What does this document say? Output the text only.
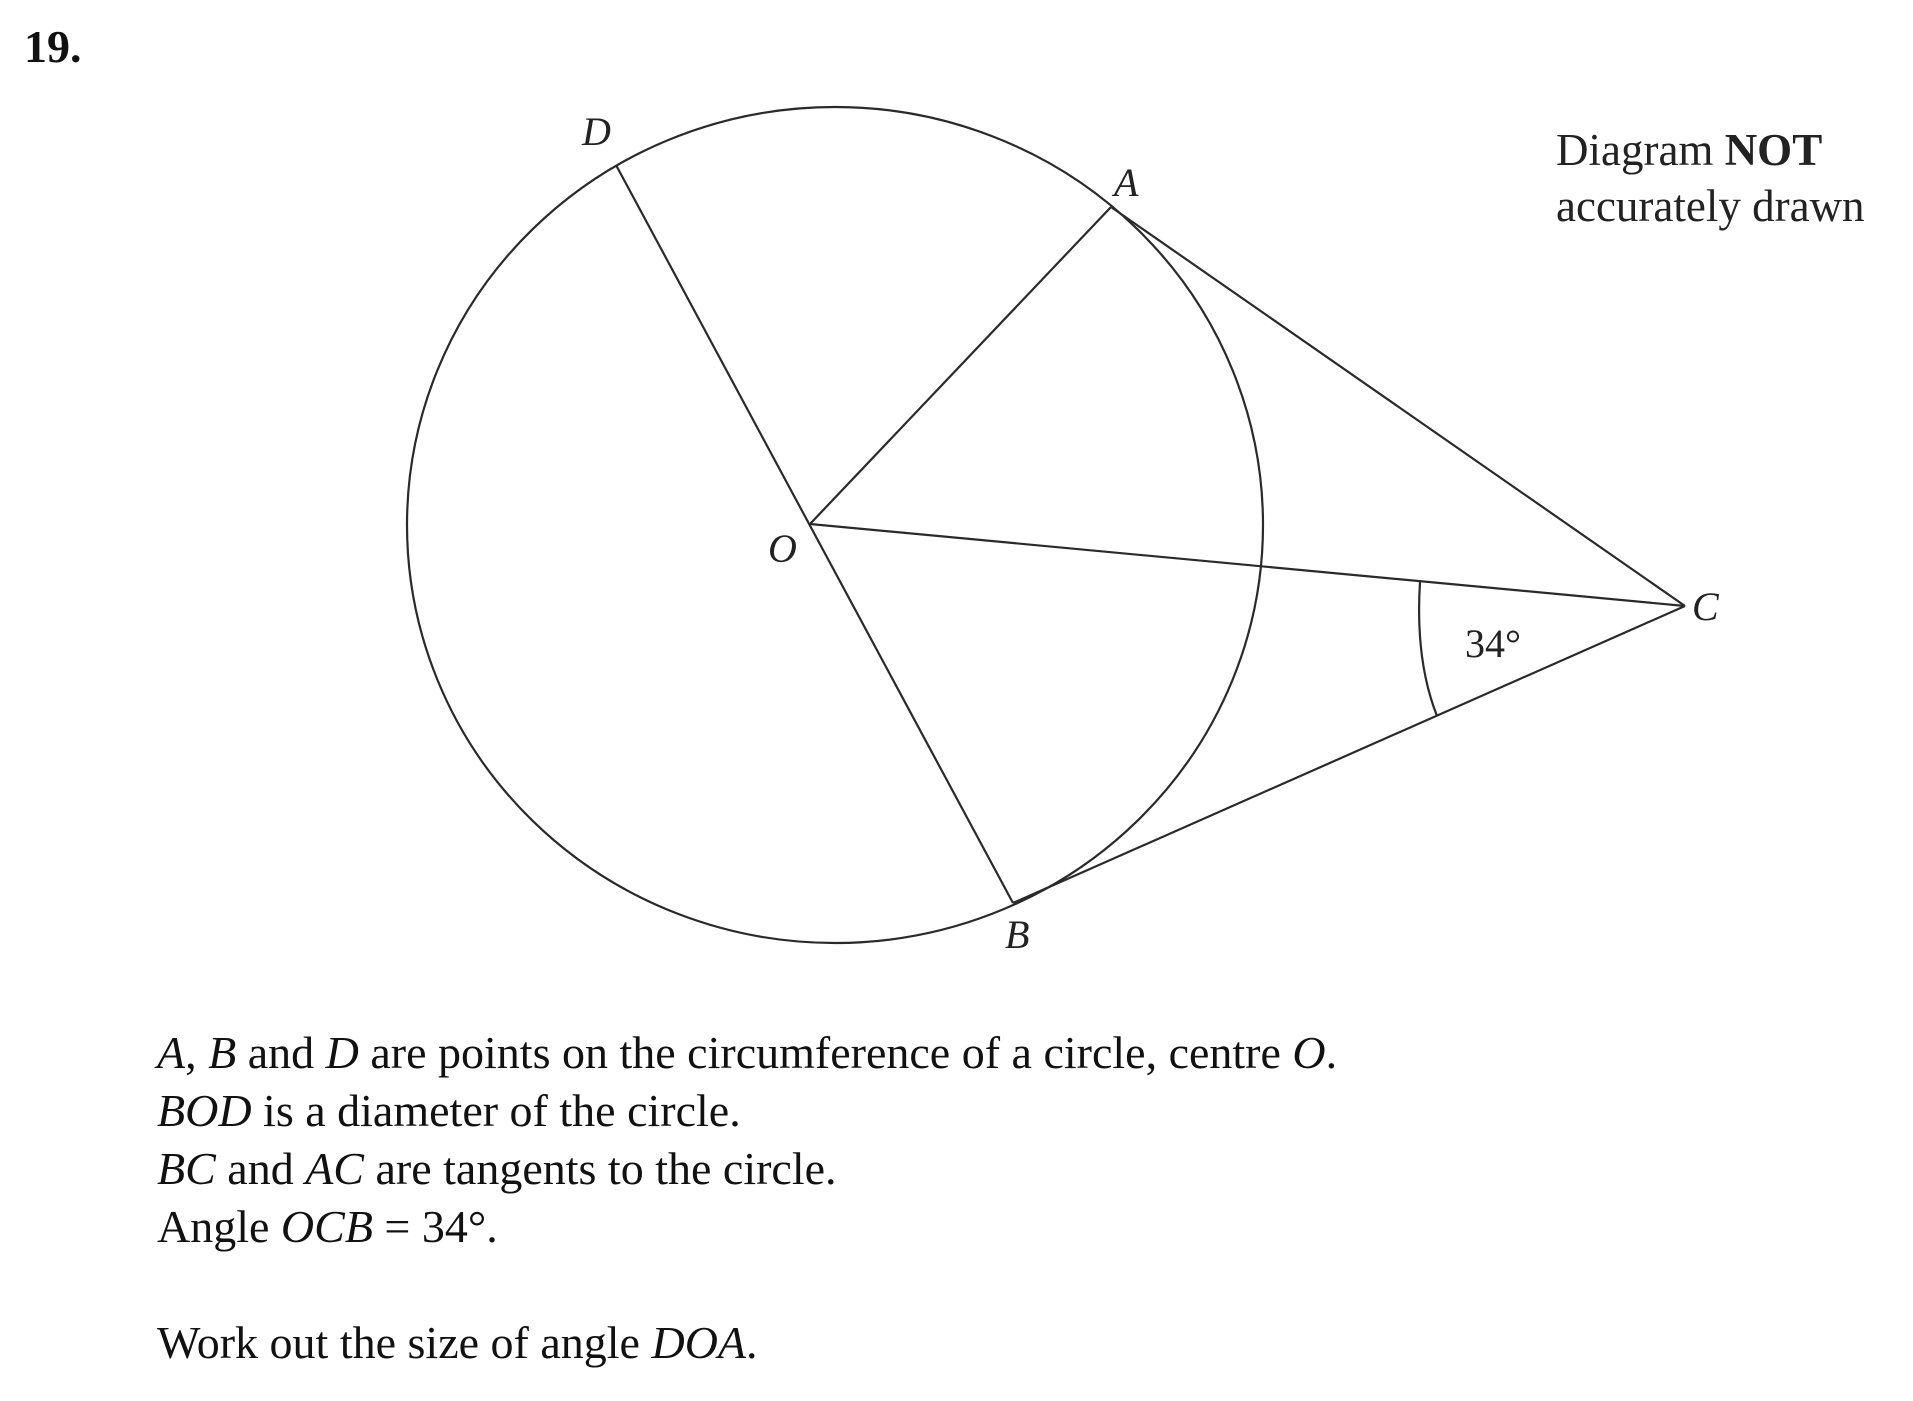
19.
D
A
O
C
B
34°
Diagram NOT
accurately drawn

A, B and D are points on the circumference of a circle, centre O.

BOD is a diameter of the circle.

BC and AC are tangents to the circle.

Angle OCB = 34°.

Work out the size of angle DOA.
